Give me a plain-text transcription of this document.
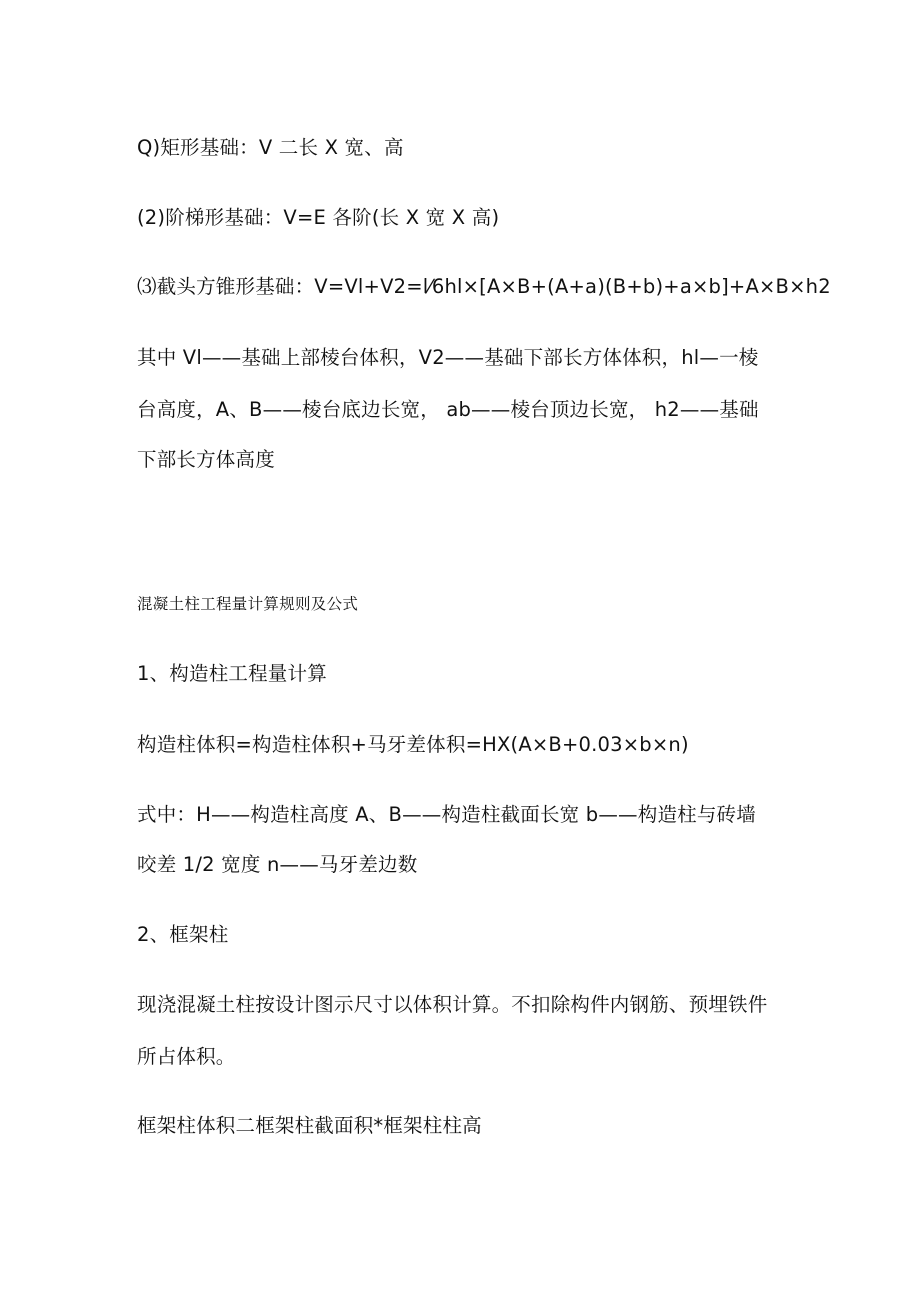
Q)矩形基础：V 二长 X 宽、高
(2)阶梯形基础：V=E 各阶(长 X 宽 X 高)
⑶截头方锥形基础：V=Vl+V2=l⁄6hl×[A×B+(A+a)(B+b)+a×b]+A×B×h2
其中 Vl——基础上部棱台体积，V2——基础下部长方体体积，hl—一棱
台高度，A、B——棱台底边长宽， ab——棱台顶边长宽， h2——基础
下部长方体高度
混凝土柱工程量计算规则及公式
1、构造柱工程量计算
构造柱体积=构造柱体积+马牙差体积=HX(A×B+0.03×b×n)
式中：H——构造柱高度 A、B——构造柱截面长宽 b——构造柱与砖墙
咬差 1/2 宽度 n——马牙差边数
2、框架柱
现浇混凝土柱按设计图示尺寸以体积计算。不扣除构件内钢筋、预埋铁件
所占体积。
框架柱体积二框架柱截面积*框架柱柱高
